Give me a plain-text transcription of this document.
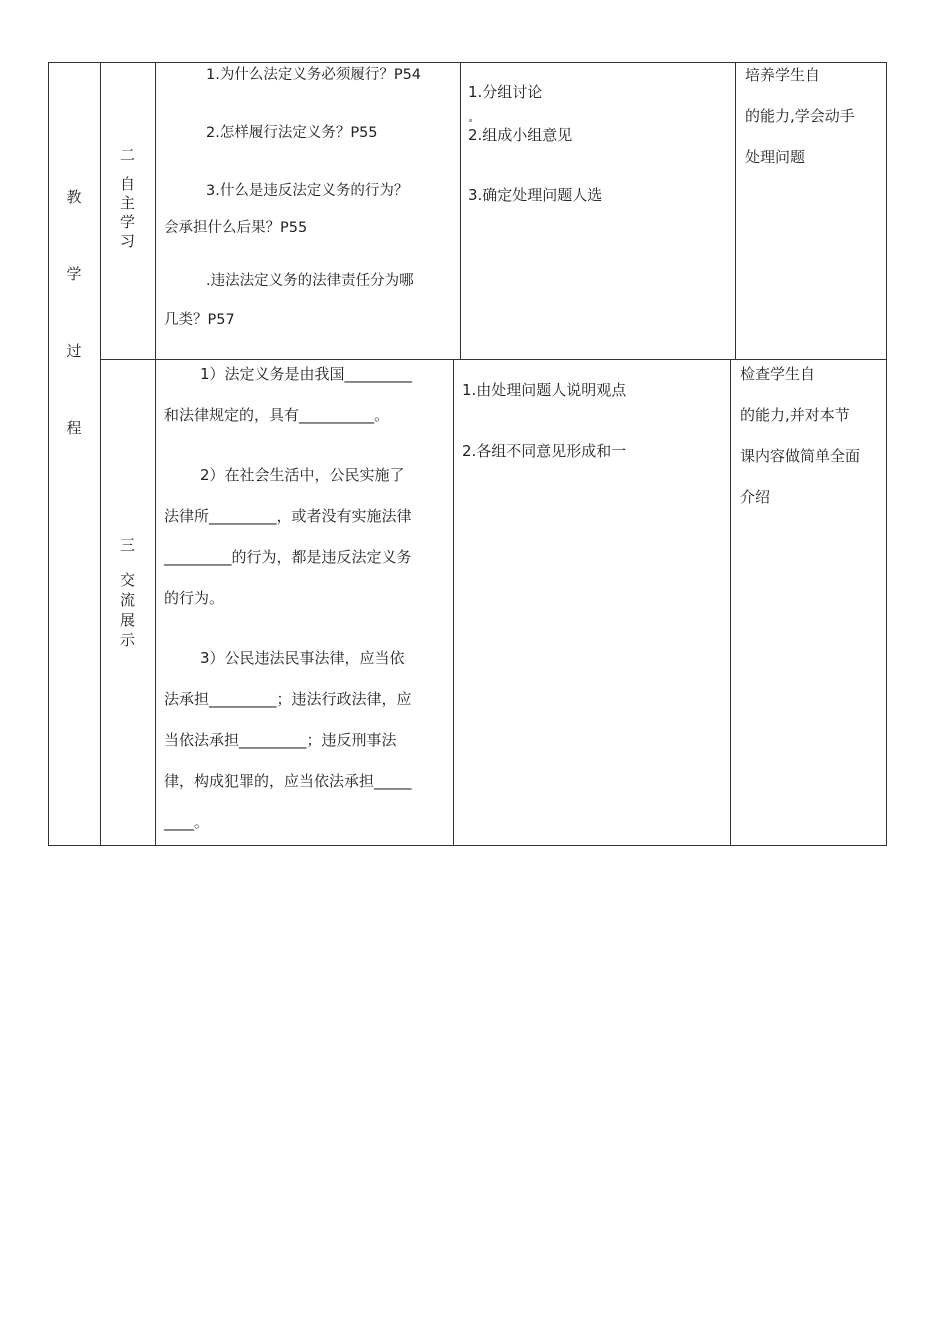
教
学
过
程
二
自
主
学
习

1.为什么法定义务必须履行？P54

2.怎样履行法定义务？P55

3.什么是违反法定义务的行为？

会承担什么后果？P55

.违法法定义务的法律责任分为哪

几类？P57

1.分组讨论

2.组成小组意见

3.确定处理问题人选

培养学生自

的能力,学会动手

处理问题

三
交
流
展
示

1）法定义务是由我国_________

和法律规定的，具有__________。

2）在社会生活中，公民实施了

法律所_________，或者没有实施法律

_________的行为，都是违反法定义务

的行为。

3）公民违法民事法律，应当依

法承担_________；违法行政法律，应

当依法承担_________；违反刑事法

律，构成犯罪的，应当依法承担_____

____。

1.由处理问题人说明观点

2.各组不同意见形成和一

检查学生自

的能力,并对本节

课内容做简单全面

介绍
